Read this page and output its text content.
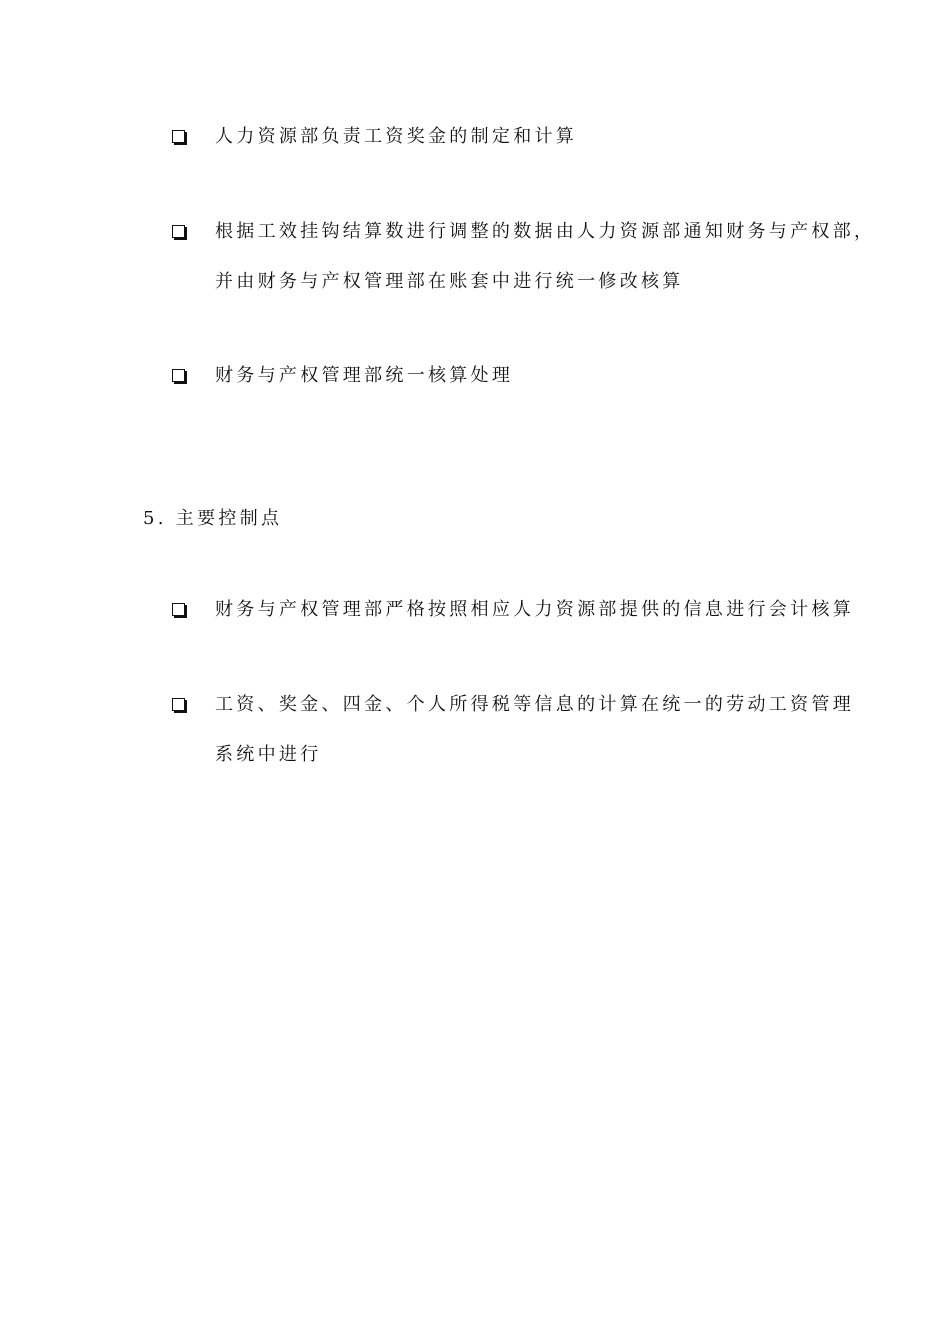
人力资源部负责工资奖金的制定和计算
根据工效挂钩结算数进行调整的数据由人力资源部通知财务与产权部，
并由财务与产权管理部在账套中进行统一修改核算
财务与产权管理部统一核算处理
5. 主要控制点
财务与产权管理部严格按照相应人力资源部提供的信息进行会计核算
工资、奖金、四金、个人所得税等信息的计算在统一的劳动工资管理
系统中进行
